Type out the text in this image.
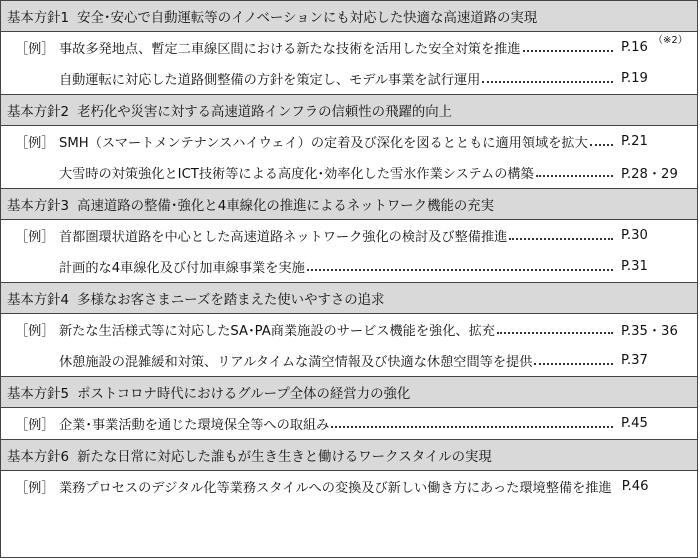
基本方針1 安全･安心で自動運転等のイノベーションにも対応した快適な高速道路の実現
［例］ 事故多発地点、暫定二車線区間における新たな技術を活用した安全対策を推進	P.16 （※2）
自動運転に対応した道路側整備の方針を策定し、モデル事業を試行運用	P.19
基本方針2 老朽化や災害に対する高速道路インフラの信頼性の飛躍的向上
［例］ SMH（スマートメンテナンスハイウェイ）の定着及び深化を図るとともに適用領域を拡大	P.21
大雪時の対策強化とICT技術等による高度化･効率化した雪氷作業システムの構築	P.28・29
基本方針3 高速道路の整備･強化と4車線化の推進によるネットワーク機能の充実
［例］ 首都圏環状道路を中心とした高速道路ネットワーク強化の検討及び整備推進	P.30
計画的な4車線化及び付加車線事業を実施	P.31
基本方針4 多様なお客さまニーズを踏まえた使いやすさの追求
［例］ 新たな生活様式等に対応したSA･PA商業施設のサービス機能を強化、拡充	P.35・36
休憩施設の混雑緩和対策、リアルタイムな満空情報及び快適な休憩空間等を提供	P.37
基本方針5 ポストコロナ時代におけるグループ全体の経営力の強化
［例］ 企業･事業活動を通じた環境保全等への取組み	P.45
基本方針6 新たな日常に対応した誰もが生き生きと働けるワークスタイルの実現
［例］ 業務プロセスのデジタル化等業務スタイルへの変換及び新しい働き方にあった環境整備を推進 P.46
